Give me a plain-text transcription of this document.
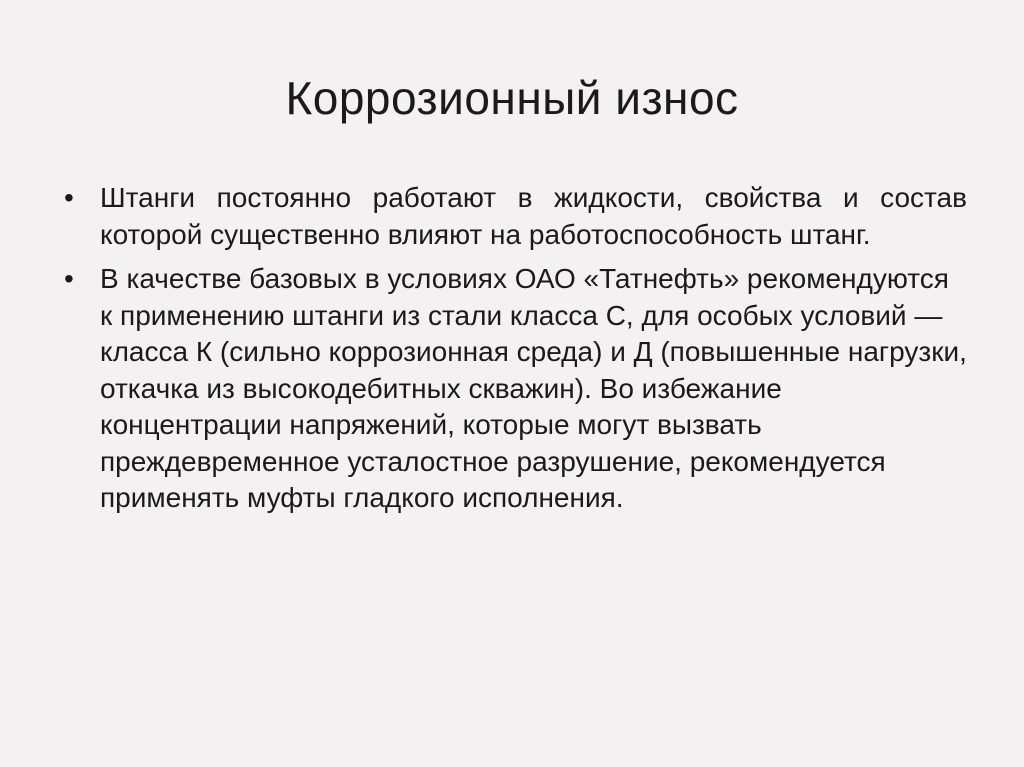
Коррозионный износ
• Штанги постоянно работают в жидкости, свойства и состав которой существенно влияют на работоспособность штанг.
• В качестве базовых в условиях ОАО «Татнефть» рекомендуются к применению штанги из стали класса С, для особых условий — класса К (сильно коррозионная среда) и Д (повышенные нагрузки, откачка из высокодебитных скважин). Во избежание концентрации напряжений, которые могут вызвать преждевременное усталостное разрушение, рекомендуется применять муфты гладкого исполнения.
